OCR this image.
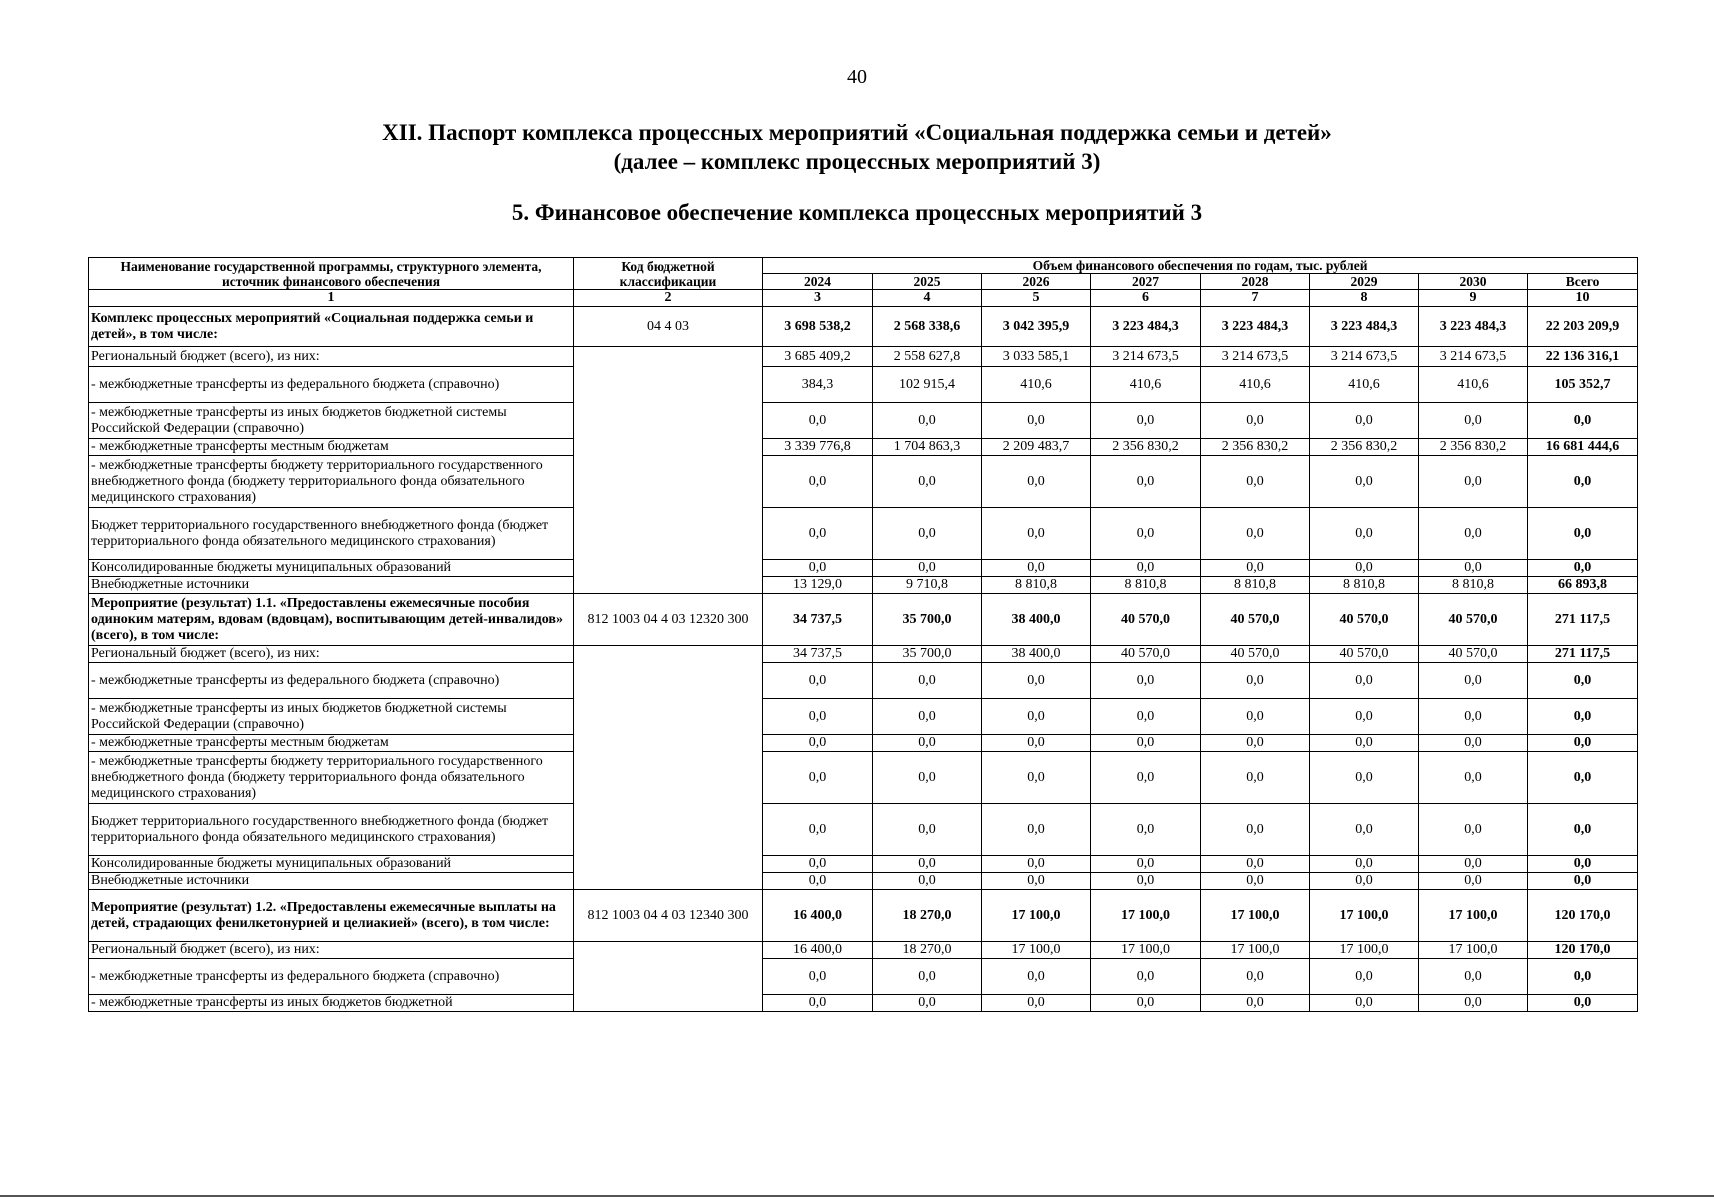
40
XII. Паспорт комплекса процессных мероприятий «Социальная поддержка семьи и детей»
(далее – комплекс процессных мероприятий 3)
5. Финансовое обеспечение комплекса процессных мероприятий 3
Наименование государственной программы, структурного элемента, источник финансового обеспечения	Код бюджетной классификации	Объем финансового обеспечения по годам, тыс. рублей							
		2024	2025	2026	2027	2028	2029	2030	Всего
1	2	3	4	5	6	7	8	9	10
Комплекс процессных мероприятий «Социальная поддержка семьи и детей», в том числе:	04 4 03	3 698 538,2	2 568 338,6	3 042 395,9	3 223 484,3	3 223 484,3	3 223 484,3	3 223 484,3	22 203 209,9
Региональный бюджет (всего), из них:		3 685 409,2	2 558 627,8	3 033 585,1	3 214 673,5	3 214 673,5	3 214 673,5	3 214 673,5	22 136 316,1
- межбюджетные трансферты из федерального бюджета (справочно)		384,3	102 915,4	410,6	410,6	410,6	410,6	410,6	105 352,7
- межбюджетные трансферты из иных бюджетов бюджетной системы Российской Федерации (справочно)		0,0	0,0	0,0	0,0	0,0	0,0	0,0	0,0
- межбюджетные трансферты местным бюджетам		3 339 776,8	1 704 863,3	2 209 483,7	2 356 830,2	2 356 830,2	2 356 830,2	2 356 830,2	16 681 444,6
- межбюджетные трансферты бюджету территориального государственного внебюджетного фонда (бюджету территориального фонда обязательного медицинского страхования)		0,0	0,0	0,0	0,0	0,0	0,0	0,0	0,0
Бюджет территориального государственного внебюджетного фонда (бюджет территориального фонда обязательного медицинского страхования)		0,0	0,0	0,0	0,0	0,0	0,0	0,0	0,0
Консолидированные бюджеты муниципальных образований		0,0	0,0	0,0	0,0	0,0	0,0	0,0	0,0
Внебюджетные источники		13 129,0	9 710,8	8 810,8	8 810,8	8 810,8	8 810,8	8 810,8	66 893,8
Мероприятие (результат) 1.1. «Предоставлены ежемесячные пособия одиноким матерям, вдовам (вдовцам), воспитывающим детей-инвалидов» (всего), в том числе:	812 1003 04 4 03 12320 300	34 737,5	35 700,0	38 400,0	40 570,0	40 570,0	40 570,0	40 570,0	271 117,5
Региональный бюджет (всего), из них:		34 737,5	35 700,0	38 400,0	40 570,0	40 570,0	40 570,0	40 570,0	271 117,5
- межбюджетные трансферты из федерального бюджета (справочно)		0,0	0,0	0,0	0,0	0,0	0,0	0,0	0,0
- межбюджетные трансферты из иных бюджетов бюджетной системы Российской Федерации (справочно)		0,0	0,0	0,0	0,0	0,0	0,0	0,0	0,0
- межбюджетные трансферты местным бюджетам		0,0	0,0	0,0	0,0	0,0	0,0	0,0	0,0
- межбюджетные трансферты бюджету территориального государственного внебюджетного фонда (бюджету территориального фонда обязательного медицинского страхования)		0,0	0,0	0,0	0,0	0,0	0,0	0,0	0,0
Бюджет территориального государственного внебюджетного фонда (бюджет территориального фонда обязательного медицинского страхования)		0,0	0,0	0,0	0,0	0,0	0,0	0,0	0,0
Консолидированные бюджеты муниципальных образований		0,0	0,0	0,0	0,0	0,0	0,0	0,0	0,0
Внебюджетные источники		0,0	0,0	0,0	0,0	0,0	0,0	0,0	0,0
Мероприятие (результат) 1.2. «Предоставлены ежемесячные выплаты на детей, страдающих фенилкетонурией и целиакией» (всего), в том числе:	812 1003 04 4 03 12340 300	16 400,0	18 270,0	17 100,0	17 100,0	17 100,0	17 100,0	17 100,0	120 170,0
Региональный бюджет (всего), из них:		16 400,0	18 270,0	17 100,0	17 100,0	17 100,0	17 100,0	17 100,0	120 170,0
- межбюджетные трансферты из федерального бюджета (справочно)		0,0	0,0	0,0	0,0	0,0	0,0	0,0	0,0
- межбюджетные трансферты из иных бюджетов бюджетной		0,0	0,0	0,0	0,0	0,0	0,0	0,0	0,0
